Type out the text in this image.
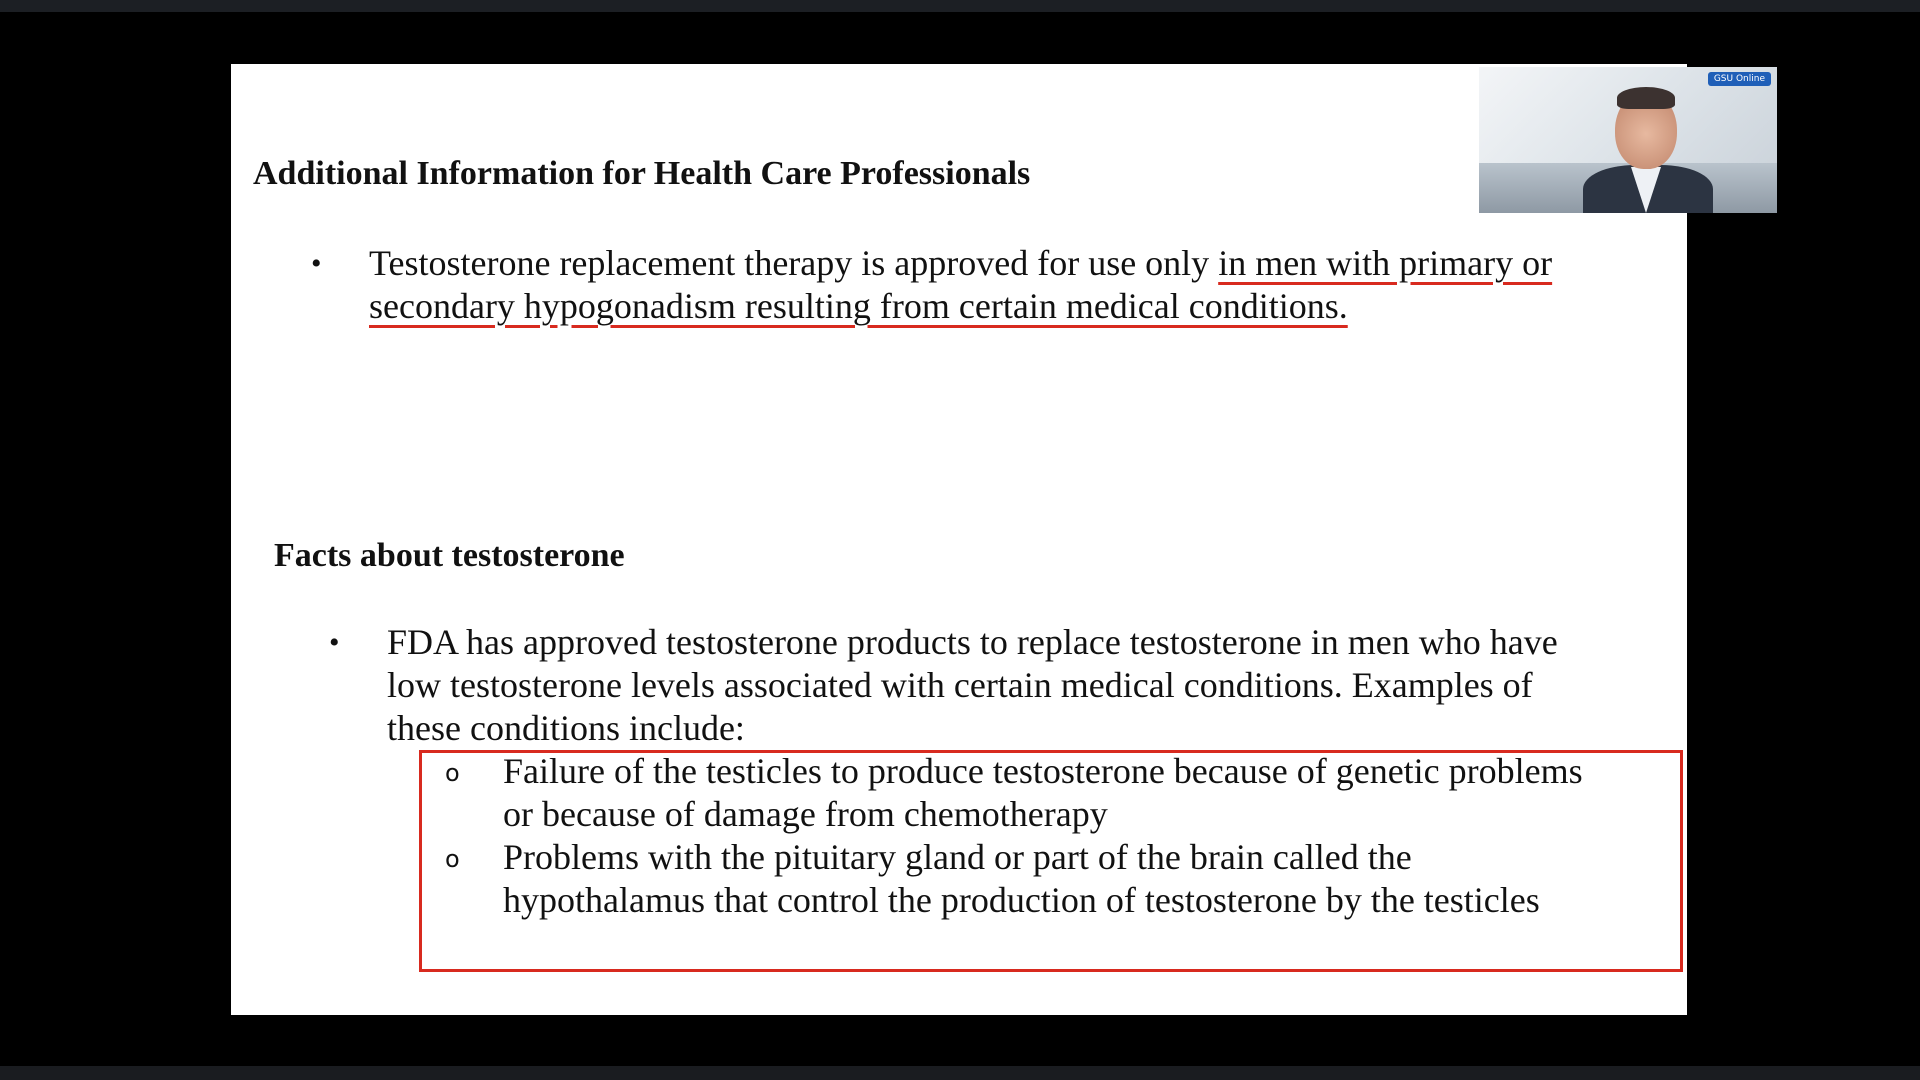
Additional Information for Health Care Professionals
• Testosterone replacement therapy is approved for use only in men with primary or
secondary hypogonadism resulting from certain medical conditions.
Facts about testosterone
• FDA has approved testosterone products to replace testosterone in men who have
low testosterone levels associated with certain medical conditions. Examples of
these conditions include:
o Failure of the testicles to produce testosterone because of genetic problems
or because of damage from chemotherapy
o Problems with the pituitary gland or part of the brain called the
hypothalamus that control the production of testosterone by the testicles
GSU Online
